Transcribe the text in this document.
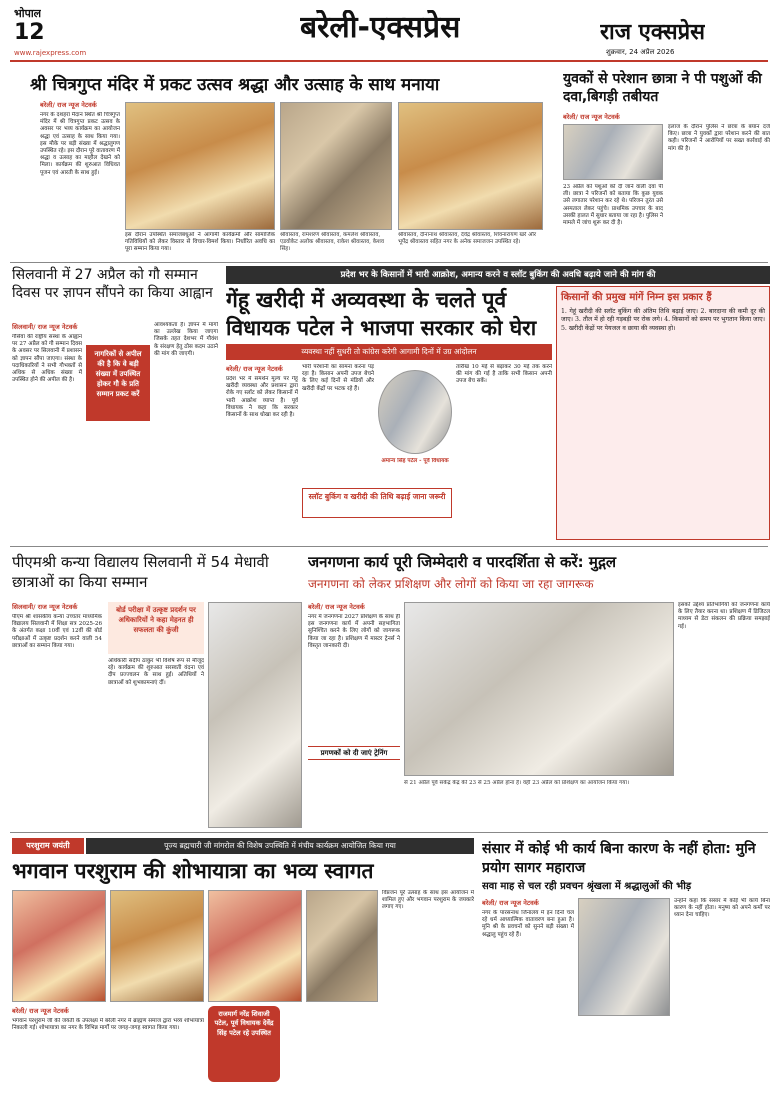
भोपाल
12
www.rajexpress.com
बरेली-एक्सप्रेस	राज एक्सप्रेस
शुक्रवार, 24 अप्रैल 2026
श्री चित्रगुप्त मंदिर में प्रकट उत्सव श्रद्धा और उत्साह के साथ मनाया
बरेली/ राज न्यूज नेटवर्क
नगर के दशहरा मैदान स्थित श्री चित्रगुप्त मंदिर में श्री चित्रगुप्त प्रकट उत्सव के अवसर पर भव्य कार्यक्रम का आयोजन श्रद्धा एवं उत्साह के साथ किया गया। इस मौके पर बड़ी संख्या में श्रद्धालुगण उपस्थित रहे। इस दौरान पूरे वातावरण में श्रद्धा व उत्साह का माहौल देखने को मिला। कार्यक्रम की शुरुआत विधिवत पूजन एवं आरती के साथ हुई।
इस दौरान उपस्थित समाजबंधुओं ने आगामी कार्यक्रमों और सामाजिक गतिविधियों को लेकर विस्तार से विचार-विमर्श किया। निर्धारित अवधि का पूरा सम्मान किया गया।
श्रीवास्तव, रामशरण श्रीवास्तव, कमलेश श्रीवास्तव, एडवोकेट अलोक श्रीवास्तव, राकेश श्रीवास्तव, केशव सिंह।
श्रीवास्तव, दीनानाथ श्रीवास्तव, देवेंद्र श्रीवास्तव, शिवनारायण खरे और भूपेंद्र श्रीवास्तव सहित नगर के अनेक समाजजन उपस्थित रहे।
युवकों से परेशान छात्रा ने पी पशुओं की दवा,बिगड़ी तबीयत
बरेली/ राज न्यूज नेटवर्क
23 अप्रैल को पशुओं को दी जाने वाली दवा पी ली। छात्रा ने परिजनों को बताया कि कुछ युवक उसे लगातार परेशान कर रहे थे। परिजन तुरंत उसे अस्पताल लेकर पहुंचे। प्राथमिक उपचार के बाद उसकी हालत में सुधार बताया जा रहा है। पुलिस ने मामले में जांच शुरू कर दी है।
इलाज के दौरान पुलिस ने छात्रा के बयान दर्ज किए। छात्रा ने युवकों द्वारा परेशान करने की बात कही। परिजनों ने आरोपियों पर सख्त कार्रवाई की मांग की है।
सिलवानी में 27 अप्रैल को गौ सम्मान दिवस पर ज्ञापन सौंपने का किया आह्वान
सिलवानी/ राज न्यूज नेटवर्क
गौसेवा की राष्ट्रीय संस्था के आह्वान पर 27 अप्रैल को गौ सम्मान दिवस के अवसर पर सिलवानी में प्रशासन को ज्ञापन सौंपा जाएगा। संस्था के पदाधिकारियों ने सभी गौभक्तों से अधिक से अधिक संख्या में उपस्थित होने की अपील की है।
नागरिकों से अपील की है कि वे बड़ी संख्या में उपस्थित होकर गौ के प्रति सम्मान प्रकट करें
आवश्यकता है। ज्ञापन में मांगों का उल्लेख किया जाएगा जिसके तहत देशभर में गौवंश के संरक्षण हेतु ठोस कदम उठाने की मांग की जाएगी।
प्रदेश भर के किसानों में भारी आक्रोश, अमान्य करने व स्लॉट बुकिंग की अवधि बढ़ाये जाने की मांग की
गेंहू खरीदी में अव्यवस्था के चलते पूर्व विधायक पटेल ने भाजपा सरकार को घेरा
व्यवस्था नहीं सुधरी तो कांग्रेस करेगी आगामी दिनों में उग्र आंदोलन
बरेली/ राज न्यूज नेटवर्क
प्रदेश भर में समर्थन मूल्य पर गेहूं खरीदी व्यवस्था और प्रशासन द्वारा रोके गए स्लॉट को लेकर किसानों में भारी आक्रोश व्याप्त है। पूर्व विधायक ने कहा कि सरकार किसानों के साथ धोखा कर रही है।
भारी परेशानी का सामना करना पड़ रहा है। किसान अपनी उपज बेचने के लिए कई दिनों से मंडियों और खरीदी केंद्रों पर भटक रहे हैं।
स्लॉट बुकिंग व खरीदी की तिथि बढ़ाई जाना जरूरी
अमान्य सिंह पटेल - पूर्व विधायक
तारीख 10 मई से बढ़ाकर 30 मई तक करने की मांग की गई है ताकि सभी किसान अपनी उपज बेच सकें।
किसानों की प्रमुख मांगें निम्न इस प्रकार हैं
1. गेहूं खरीदी की स्लॉट बुकिंग की अंतिम तिथि बढ़ाई जाए। 2. बारदाना की कमी दूर की जाए। 3. तौल में हो रही गड़बड़ी पर रोक लगे। 4. किसानों को समय पर भुगतान किया जाए। 5. खरीदी केंद्रों पर पेयजल व छाया की व्यवस्था हो।
पीएमश्री कन्या विद्यालय सिलवानी में 54 मेधावी छात्राओं का किया सम्मान
सिलवानी/ राज न्यूज नेटवर्क
पीएम श्री शासकीय कन्या उच्चतर माध्यमिक विद्यालय सिलवानी में शिक्षा सत्र 2025-26 के अंतर्गत कक्षा 10वीं एवं 12वीं की बोर्ड परीक्षाओं में उत्कृष्ट प्रदर्शन करने वाली 54 छात्राओं का सम्मान किया गया।
बोर्ड परीक्षा में उत्कृष्ट प्रदर्शन पर अधिकारियों ने कहा मेहनत ही सफलता की कुंजी
अधिकारी संदीप ठाकुर भी विशेष रूप से मौजूद रहे। कार्यक्रम की शुरुआत सरस्वती वंदना एवं दीप प्रज्ज्वलन के साथ हुई। अतिथियों ने छात्राओं को शुभकामनाएं दीं।
जनगणना कार्य पूरी जिम्मेदारी व पारदर्शिता से करें: मुद्गल
जनगणना को लेकर प्रशिक्षण और लोगों को किया जा रहा जागरूक
बरेली/ राज न्यूज नेटवर्क
नगर में जनगणना 2027 प्रशिक्षण के साथ ही इस जनगणना कार्य में अपनी सहभागिता सुनिश्चित करने के लिए लोगों को जागरूक किया जा रहा है। प्रशिक्षण में मास्टर ट्रेनर्स ने विस्तृत जानकारी दी।
से 21 अप्रैल पूर्व संकेंद्र केंद्र की 23 से 25 अप्रैल होना है। वहीं 23 अप्रैल को प्रशिक्षण का आयोजन किया गया।
इसको उद्देश्य प्रतिभागियों को जनगणना कार्य के लिए तैयार करना था। प्रशिक्षण में डिजिटल माध्यम से डेटा संकलन की प्रक्रिया समझाई गई।
प्रगणकों को दी जाएं ट्रेनिंग
परशुराम जयंती	पूज्य ब्रह्मचारी जी मांगरोल की विशेष उपस्थिति में मंचीय कार्यक्रम आयोजित किया गया
भगवान परशुराम की शोभायात्रा का भव्य स्वागत
विप्रजन पूरे उत्साह के साथ इस आयोजन में शामिल हुए और भगवान परशुराम के जयकारे लगाए गए।
बरेली/ राज न्यूज नेटवर्क
भगवान परशुराम जी की जयंती के उपलक्ष्य में बरेली नगर में ब्राह्मण समाज द्वारा भव्य शोभायात्रा निकाली गई। शोभायात्रा का नगर के विभिन्न मार्गों पर जगह-जगह स्वागत किया गया।
राजमार्ग नरेंद्र शिवाजी पटेल, पूर्व विधायक देवेंद्र सिंह पटेल रहे उपस्थित
संसार में कोई भी कार्य बिना कारण के नहीं होता: मुनि प्रयोग सागर महाराज
सवा माह से चल रही प्रवचन श्रृंखला में श्रद्धालुओं की भीड़
बरेली/ राज न्यूज नेटवर्क
नगर के पारसनाथ जिनालय में इन दिनों चल रहे धर्म आध्यात्मिक वातावरण बना हुआ है। मुनि श्री के प्रवचनों को सुनने बड़ी संख्या में श्रद्धालु पहुंच रहे हैं।
उन्होंने कहा कि संसार में कोई भी कार्य बिना कारण के नहीं होता। मनुष्य को अपने कर्मों पर ध्यान देना चाहिए।
